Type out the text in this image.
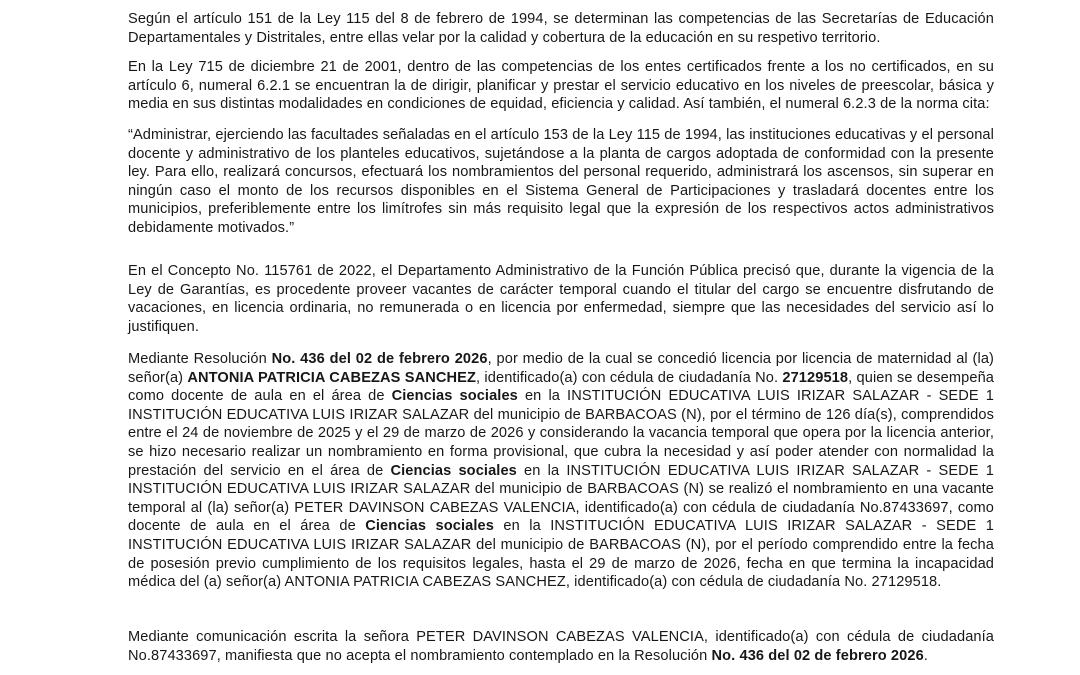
Según el artículo 151 de la Ley 115 del 8 de febrero de 1994, se determinan las competencias de las Secretarías de Educación Departamentales y Distritales, entre ellas velar por la calidad y cobertura de la educación en su respetivo territorio.

En la Ley 715 de diciembre 21 de 2001, dentro de las competencias de los entes certificados frente a los no certificados, en su artículo 6, numeral 6.2.1 se encuentran la de dirigir, planificar y prestar el servicio educativo en los niveles de preescolar, básica y media en sus distintas modalidades en condiciones de equidad, eficiencia y calidad. Así también, el numeral 6.2.3 de la norma cita:

“Administrar, ejerciendo las facultades señaladas en el artículo 153 de la Ley 115 de 1994, las instituciones educativas y el personal docente y administrativo de los planteles educativos, sujetándose a la planta de cargos adoptada de conformidad con la presente ley. Para ello, realizará concursos, efectuará los nombramientos del personal requerido, administrará los ascensos, sin superar en ningún caso el monto de los recursos disponibles en el Sistema General de Participaciones y trasladará docentes entre los municipios, preferiblemente entre los limítrofes sin más requisito legal que la expresión de los respectivos actos administrativos debidamente motivados.”

En el Concepto No. 115761 de 2022, el Departamento Administrativo de la Función Pública precisó que, durante la vigencia de la Ley de Garantías, es procedente proveer vacantes de carácter temporal cuando el titular del cargo se encuentre disfrutando de vacaciones, en licencia ordinaria, no remunerada o en licencia por enfermedad, siempre que las necesidades del servicio así lo justifiquen.

Mediante Resolución No. 436 del 02 de febrero 2026, por medio de la cual se concedió licencia por licencia de maternidad al (la) señor(a) ANTONIA PATRICIA CABEZAS SANCHEZ, identificado(a) con cédula de ciudadanía No. 27129518, quien se desempeña como docente de aula en el área de Ciencias sociales en la INSTITUCIÓN EDUCATIVA LUIS IRIZAR SALAZAR - SEDE 1 INSTITUCIÓN EDUCATIVA LUIS IRIZAR SALAZAR del municipio de BARBACOAS (N), por el término de 126 día(s), comprendidos entre el 24 de noviembre de 2025 y el 29 de marzo de 2026 y considerando la vacancia temporal que opera por la licencia anterior, se hizo necesario realizar un nombramiento en forma provisional, que cubra la necesidad y así poder atender con normalidad la prestación del servicio en el área de Ciencias sociales en la INSTITUCIÓN EDUCATIVA LUIS IRIZAR SALAZAR - SEDE 1 INSTITUCIÓN EDUCATIVA LUIS IRIZAR SALAZAR del municipio de BARBACOAS (N) se realizó el nombramiento en una vacante temporal al (la) señor(a) PETER DAVINSON CABEZAS VALENCIA, identificado(a) con cédula de ciudadanía No.87433697, como docente de aula en el área de Ciencias sociales en la INSTITUCIÓN EDUCATIVA LUIS IRIZAR SALAZAR - SEDE 1 INSTITUCIÓN EDUCATIVA LUIS IRIZAR SALAZAR del municipio de BARBACOAS (N), por el período comprendido entre la fecha de posesión previo cumplimiento de los requisitos legales, hasta el 29 de marzo de 2026, fecha en que termina la incapacidad médica del (a) señor(a) ANTONIA PATRICIA CABEZAS SANCHEZ, identificado(a) con cédula de ciudadanía No. 27129518.

Mediante comunicación escrita la señora PETER DAVINSON CABEZAS VALENCIA, identificado(a) con cédula de ciudadanía No.87433697, manifiesta que no acepta el nombramiento contemplado en la Resolución No. 436 del 02 de febrero 2026.
